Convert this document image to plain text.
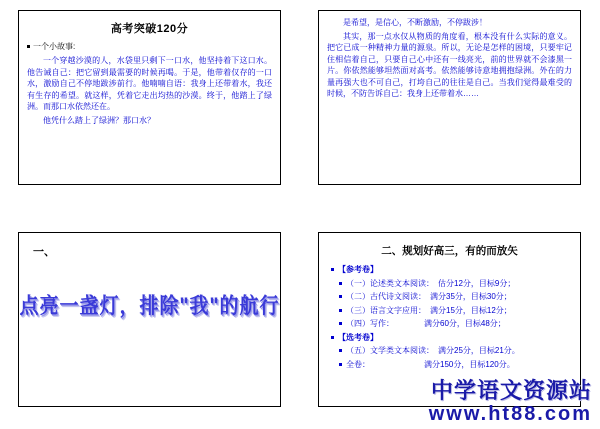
高考突破120分
一个小故事:

一个穿越沙漠的人，水袋里只剩下一口水，他坚持着下这口水。他告诫自己：把它留到最需要的时候再喝。于是，他带着仅存的一口水，激励自己不停地跋涉前行。他喃喃自语：我身上还带着水，我还有生存的希望。就这样，凭着它走出均热的沙漠。终于，他踏上了绿洲。而那口水依然还在。

他凭什么踏上了绿洲？那口水？

是希望，是信心，不断激励，不停跋涉！

其实，那一点水仅从物质的角度看，根本没有什么实际的意义。把它已成一种精神力量的源泉。所以，无论是怎样的困境，只要牢记住相信着自己，只要自己心中还有一线亮光，前的世界就不会漆黑一片。你依然能够坦然面对高考。依然能够诗意地拥抱绿洲。外在的力量再强大也不可自己，打垮自己的往往是自己。当我们觉得最难受的时候，不防告诉自己：我身上还带着水……

一、
点亮一盏灯，排除"我"的航行
二、规划好高三，有的而放矢
【参考卷】
（一）论述类文本阅读： 估分12分，目标9分；
（二）古代诗文阅读： 满分35分，目标30分；
（三）语言文字应用： 满分15分，目标12分；
（四）写作：	满分60分，目标48分；
【选考卷】
（五）文学类文本阅读： 满分25分，目标21分。
全卷：	满分150分，目标120分。
中学语文资源站
www.ht88.com
